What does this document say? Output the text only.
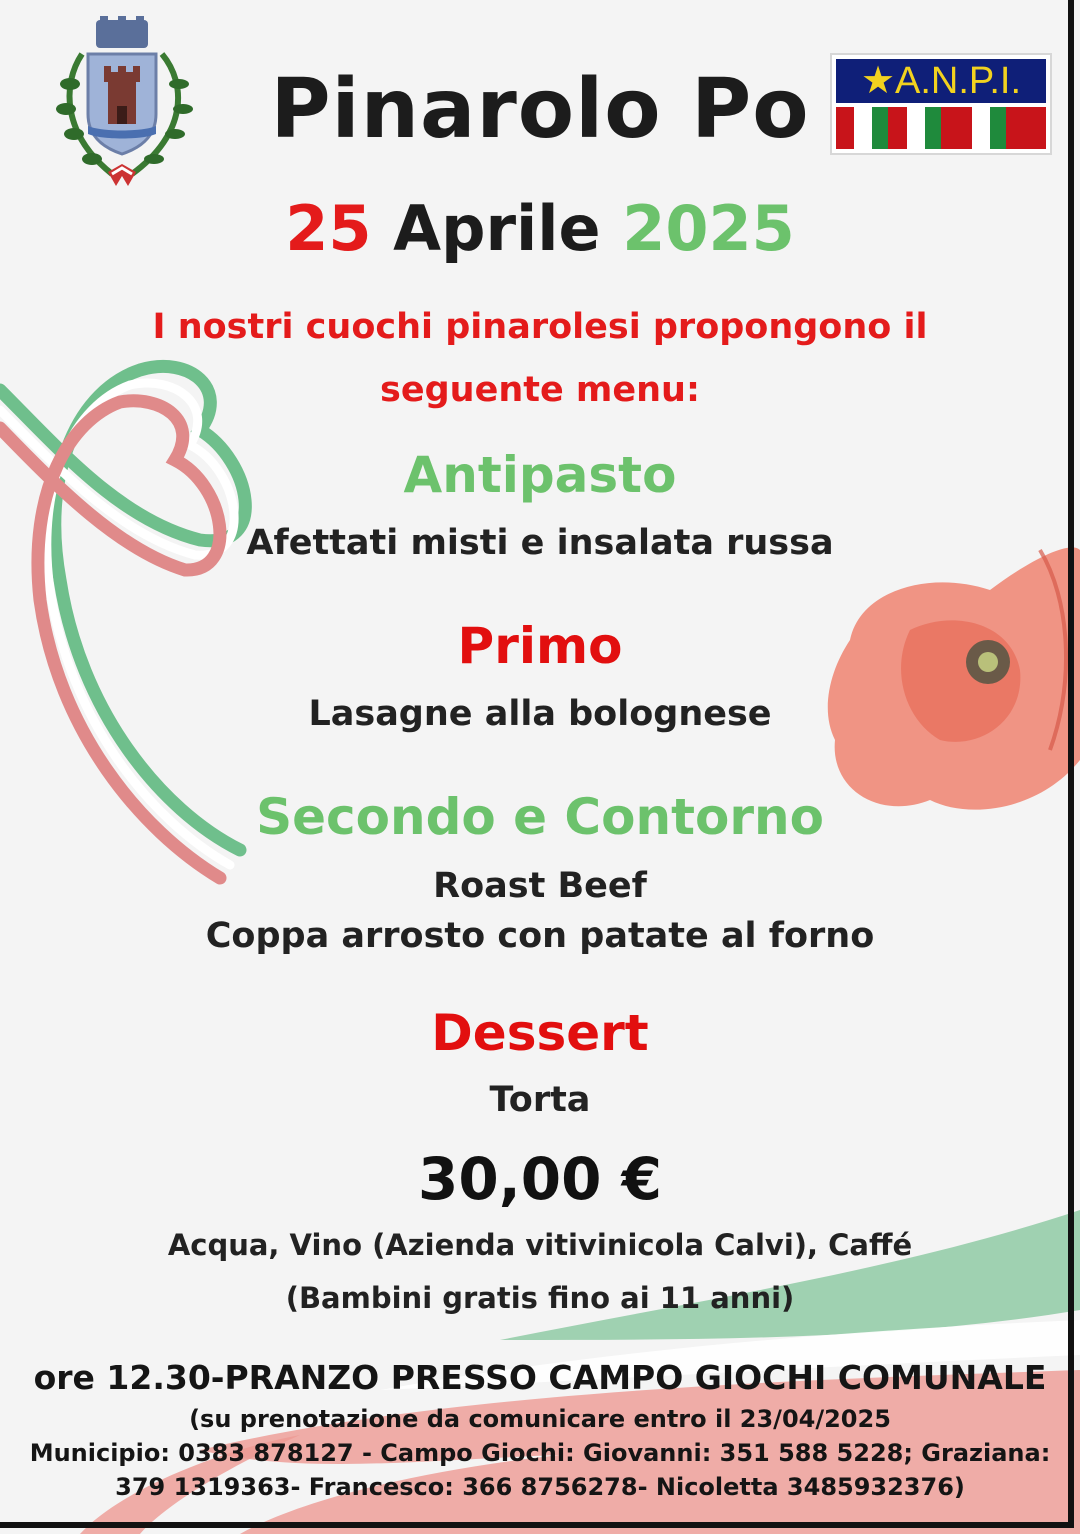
★A.N.P.I.
Pinarolo Po
25 Aprile 2025
I nostri cuochi pinarolesi propongono il
seguente menu:
Antipasto
Afettati misti e insalata russa
Primo
Lasagne alla bolognese
Secondo e Contorno
Roast Beef
Coppa arrosto con patate al forno
Dessert
Torta
30,00 €
Acqua, Vino (Azienda vitivinicola Calvi), Caffé
(Bambini gratis fino ai 11 anni)
ore 12.30-PRANZO PRESSO CAMPO GIOCHI COMUNALE
(su prenotazione da comunicare entro il 23/04/2025
Municipio: 0383 878127 - Campo Giochi: Giovanni: 351 588 5228; Graziana:
379 1319363- Francesco: 366 8756278- Nicoletta 3485932376)
